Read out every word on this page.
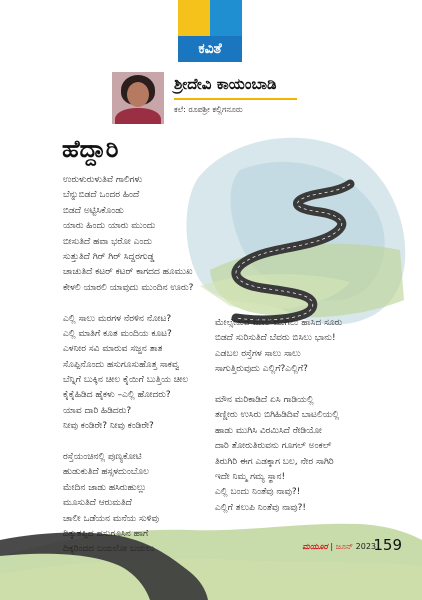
ಕವಿತೆ
ಶ್ರೀದೇವಿ ಕಾಯಂಬಾಡಿ
ಕಲೆ: ರೂಪಶ್ರೀ ಕಲ್ಲಿಗನೂರು
ಹೆದ್ದಾರಿ
ಉರುಳುರುಳುತಿವೆ ಗಾಲಿಗಳು
ಬೆನ್ನುಬಿಡದೆ ಒಂದರ ಹಿಂದೆ
ಬಿಡದೆ ಅಟ್ಟಿಸಿಕೊಂಡು
ಯಾರು ಹಿಂದು ಯಾರು ಮುಂದು
ಬೀಸುತಿದೆ ಹವಾ ಭರೋ ಎಂದು
ಸುತ್ತುತಿದೆ ಗಿರ್ ಗಿರ್ ಸಿದ್ದರಗುಡ್ಡ
ಚಾಚುತಿದೆ ಕಟರ್ ಕಟರ್ ಕಾಗದದ ಹೂಮುಖ
ಕೇಳಲಿ ಯಾರಲಿ ಯಾವುದು ಮುಂದಿನ ಊರು?
ಎಲ್ಲಿ ಸಾಲು ಮರಗಳ ನೆರಳಿನ ನೋಟ?
ಎಲ್ಲಿ ಮಾತಿಗೆ ಕೂತ ಮಂದಿಯ ಕೂಟ?
ಎಳನೀರ ಸವಿ ಮಾರುವ ಸಜ್ಜನ ತಾತ
ಸೊಪ್ಪಿನೊಂದು ಹಸುಗೂಸುಹೊತ್ತ ಸಾಕವ್ವ
ಬೆನ್ನಿಗೆ ಬುಕ್ಕಿನ ಚೀಲ ಕೈಯಿಗೆ ಬುತ್ತಿಯ ಚೀಲ
ಕೈಕೈಹಿಡಿದ ಹೈಕಳು –ಎಲ್ಲಿ ಹೋದರು?
ಯಾವ ದಾರಿ ಹಿಡಿದರು?
ನೀವು ಕಂಡಿರೇ? ನೀವು ಕಂಡಿರೇ?
ರಸ್ತೆಯಂಚಿನಲ್ಲಿ ಪುಣ್ಯಕೋಟಿ
ಹುಡುಕುತಿದೆ ಹಸ್ಸಳದುಂಬೊಲ
ಮೇದಿನ ಜಾಡು ಹಸಿರುಹುಲ್ಲು
ಮೂಸುತಿದೆ ಆರುಮತಿದೆ
ಚಾಲೀ ಒಡೆಯನ ಮನೆಯ ಸುಳಿವು
ದಿಕ್ಕುತಪ್ಪಿದ ಹಸುಗೂಸಿನ ಹಾಗೆ
ದಿಕ್ಕರಿಂದದ ಬಯಲೋ ಬಯಲು
ಮೇಲ್ಸೇತುವೆ ಮೇಲೆ ಮುಗಿಲು ಹಾಸಿದ ಸೂರು
ಬಿಡದೆ ಸುರಿಸುತಿದೆ ಬೆವರು ಬಿಸಿಲು ಭಾನು!
ಎಡಬಲ ರಸ್ತೆಗಳ ಸಾಲು ಸಾಲು
ಸಾಗುತ್ತಿರುವುದು ಎಲ್ಲಿಗೆ?ಎಲ್ಲಿಗೆ?
ಮೌನ ಮರಿಕಾಡಿದೆ ಏಸಿ ಗಾಡಿಯಲ್ಲಿ
ತಣ್ಣೀರು ಉಸಿರು ಬಿಗಿಹಿಡಿದಿವೆ ಬಾಟಲಿಯಲ್ಲಿ
ಹಾಡು ಮುಗಿಸಿ ವಿರಮಿಸಿದೆ ರೇಡಿಯೋ
ದಾರಿ ತೋರುತಿರುವನು ಗೂಗಲ್ ಅಂಕಲ್
ತಿರುಗಿರಿ ಈಗ ಎಡಕ್ಕಾಗ ಬಲ, ನೇರ ಸಾಗಿರಿ
ಇದೇ ನಿಮ್ಮ ಗಮ್ಯ ಸ್ಥಾನ!
ಎಲ್ಲಿ ಬಂದು ನಿಂತೆವು ನಾವು?!
ಎಲ್ಲಿಗೆ ತಲುಪಿ ನಿಂತೆವು ನಾವು?!
ಮಯೂರ | ಜೂನ್ 2023
159
